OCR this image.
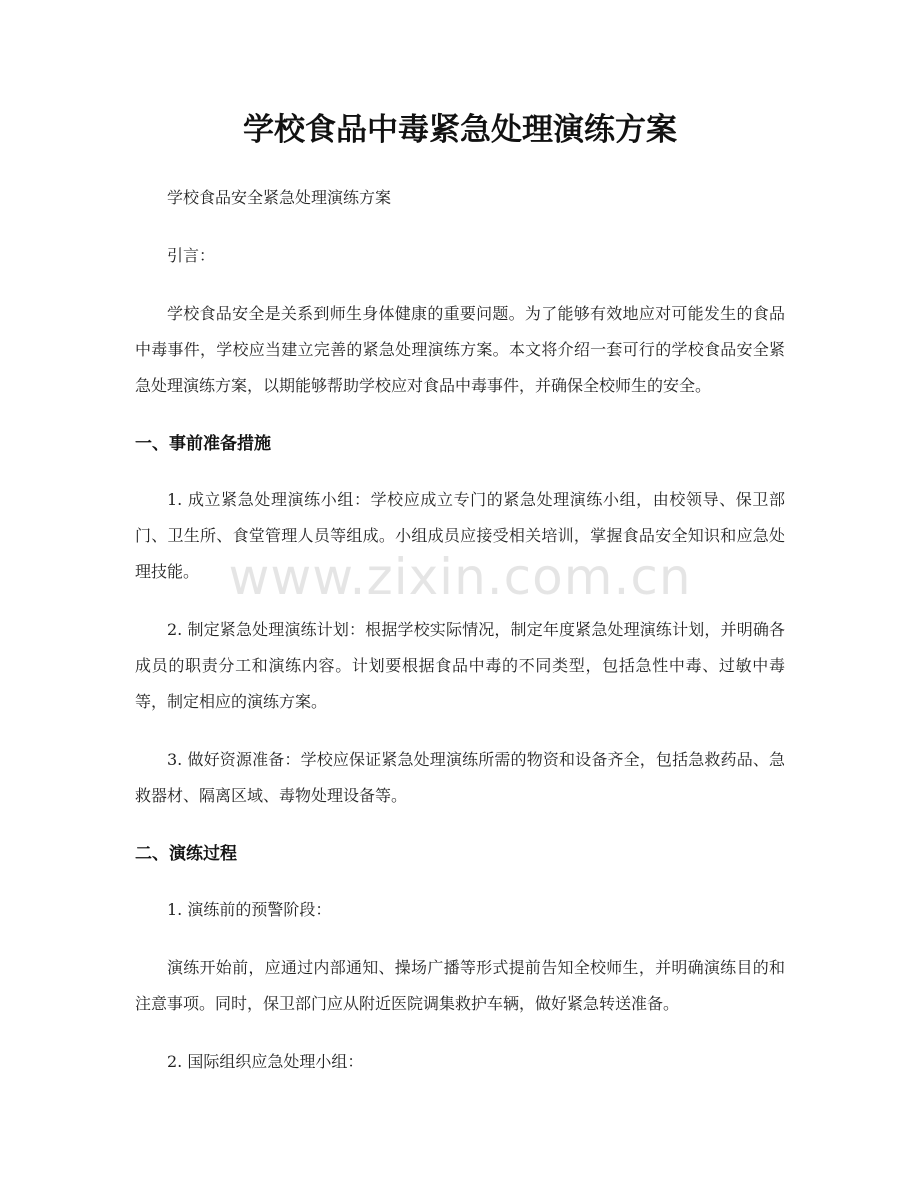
学校食品中毒紧急处理演练方案

学校食品安全紧急处理演练方案

引言：

学校食品安全是关系到师生身体健康的重要问题。为了能够有效地应对可能发生的食品中毒事件，学校应当建立完善的紧急处理演练方案。本文将介绍一套可行的学校食品安全紧急处理演练方案，以期能够帮助学校应对食品中毒事件，并确保全校师生的安全。

一、事前准备措施

1. 成立紧急处理演练小组：学校应成立专门的紧急处理演练小组，由校领导、保卫部门、卫生所、食堂管理人员等组成。小组成员应接受相关培训，掌握食品安全知识和应急处理技能。

2. 制定紧急处理演练计划：根据学校实际情况，制定年度紧急处理演练计划，并明确各成员的职责分工和演练内容。计划要根据食品中毒的不同类型，包括急性中毒、过敏中毒等，制定相应的演练方案。

3. 做好资源准备：学校应保证紧急处理演练所需的物资和设备齐全，包括急救药品、急救器材、隔离区域、毒物处理设备等。

二、演练过程

1. 演练前的预警阶段：

演练开始前，应通过内部通知、操场广播等形式提前告知全校师生，并明确演练目的和注意事项。同时，保卫部门应从附近医院调集救护车辆，做好紧急转送准备。

2. 国际组织应急处理小组：

www.zixin.com.cn
